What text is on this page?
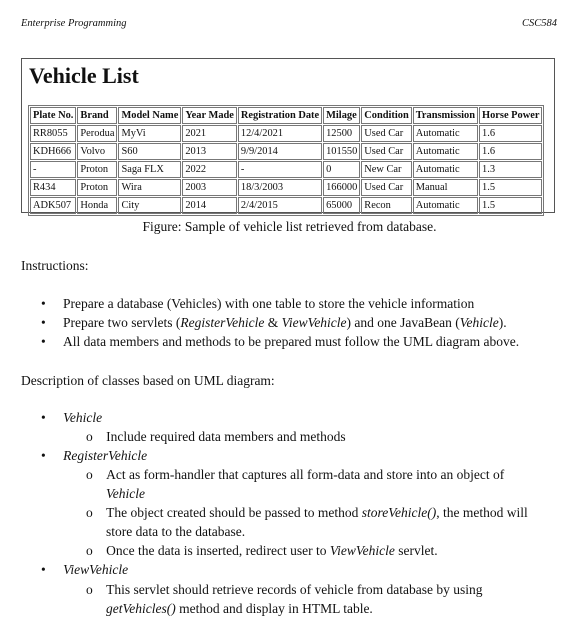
Enterprise Programming	CSC584
Vehicle List
Plate No.	Brand	Model Name	Year Made	Registration Date	Milage	Condition	Transmission	Horse Power
RR8055	Perodua	MyVi	2021	12/4/2021	12500	Used Car	Automatic	1.6
KDH666	Volvo	S60	2013	9/9/2014	101550	Used Car	Automatic	1.6
-	Proton	Saga FLX	2022	-	0	New Car	Automatic	1.3
R434	Proton	Wira	2003	18/3/2003	166000	Used Car	Manual	1.5
ADK507	Honda	City	2014	2/4/2015	65000	Recon	Automatic	1.5
Figure: Sample of vehicle list retrieved from database.
Instructions:
• Prepare a database (Vehicles) with one table to store the vehicle information
• Prepare two servlets (RegisterVehicle & ViewVehicle) and one JavaBean (Vehicle).
• All data members and methods to be prepared must follow the UML diagram above.
Description of classes based on UML diagram:
• Vehicle
o Include required data members and methods
• RegisterVehicle
o Act as form-handler that captures all form-data and store into an object of
Vehicle
o The object created should be passed to method storeVehicle(), the method will
store data to the database.
o Once the data is inserted, redirect user to ViewVehicle servlet.
• ViewVehicle
o This servlet should retrieve records of vehicle from database by using
getVehicles() method and display in HTML table.
